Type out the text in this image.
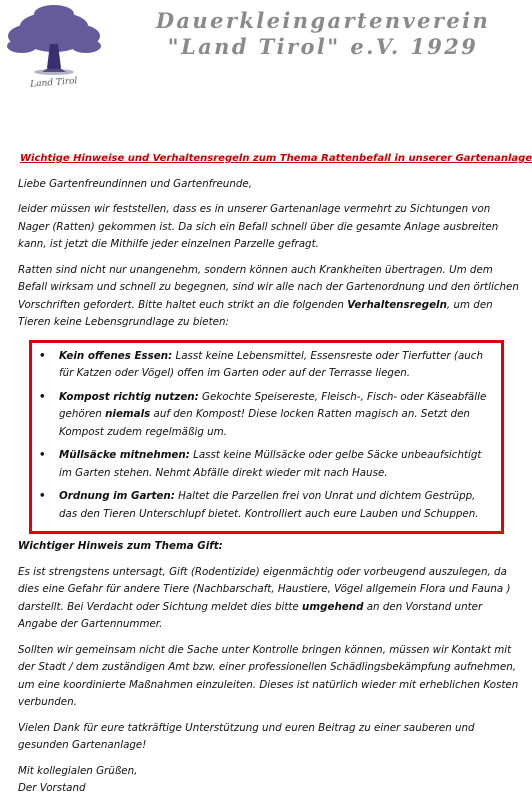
Land Tirol
Dauerkleingartenverein
"Land Tirol" e.V. 1929

Wichtige Hinweise und Verhaltensregeln zum Thema Rattenbefall in unserer Gartenanlage

Liebe Gartenfreundinnen und Gartenfreunde,

leider müssen wir feststellen, dass es in unserer Gartenanlage vermehrt zu Sichtungen von Nager (Ratten) gekommen ist. Da sich ein Befall schnell über die gesamte Anlage ausbreiten kann, ist jetzt die Mithilfe jeder einzelnen Parzelle gefragt.

Ratten sind nicht nur unangenehm, sondern können auch Krankheiten übertragen. Um dem Befall wirksam und schnell zu begegnen, sind wir alle nach der Gartenordnung und den örtlichen Vorschriften gefordert. Bitte haltet euch strikt an die folgenden Verhaltensregeln, um den Tieren keine Lebensgrundlage zu bieten:

• Kein offenes Essen: Lasst keine Lebensmittel, Essensreste oder Tierfutter (auch für Katzen oder Vögel) offen im Garten oder auf der Terrasse liegen.
• Kompost richtig nutzen: Gekochte Speisereste, Fleisch-, Fisch- oder Käseabfälle gehören niemals auf den Kompost! Diese locken Ratten magisch an. Setzt den Kompost zudem regelmäßig um.
• Müllsäcke mitnehmen: Lasst keine Müllsäcke oder gelbe Säcke unbeaufsichtigt im Garten stehen. Nehmt Abfälle direkt wieder mit nach Hause.
• Ordnung im Garten: Haltet die Parzellen frei von Unrat und dichtem Gestrüpp, das den Tieren Unterschlupf bietet. Kontrolliert auch eure Lauben und Schuppen.

Wichtiger Hinweis zum Thema Gift:

Es ist strengstens untersagt, Gift (Rodentizide) eigenmächtig oder vorbeugend auszulegen, da dies eine Gefahr für andere Tiere (Nachbarschaft, Haustiere, Vögel allgemein Flora und Fauna ) darstellt. Bei Verdacht oder Sichtung meldet dies bitte umgehend an den Vorstand unter Angabe der Gartennummer.

Sollten wir gemeinsam nicht die Sache unter Kontrolle bringen können, müssen wir Kontakt mit der Stadt / dem zuständigen Amt bzw. einer professionellen Schädlingsbekämpfung aufnehmen, um eine koordinierte Maßnahmen einzuleiten. Dieses ist natürlich wieder mit erheblichen Kosten verbunden.

Vielen Dank für eure tatkräftige Unterstützung und euren Beitrag zu einer sauberen und gesunden Gartenanlage!

Mit kollegialen Grüßen,
Der Vorstand
